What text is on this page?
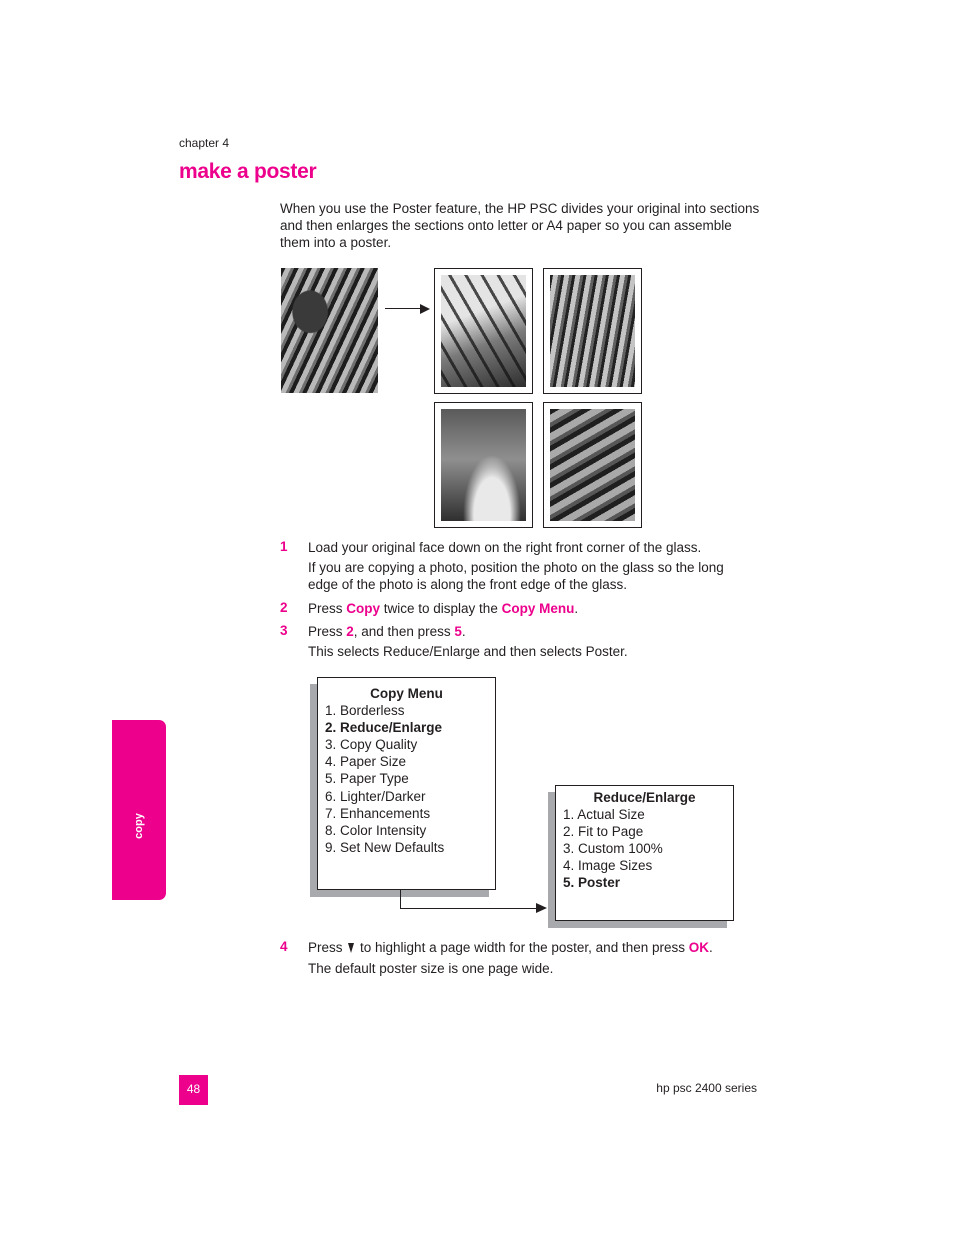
chapter 4
make a poster
When you use the Poster feature, the HP PSC divides your original into sections and then enlarges the sections onto letter or A4 paper so you can assemble them into a poster.
1 Load your original face down on the right front corner of the glass.
If you are copying a photo, position the photo on the glass so the long edge of the photo is along the front edge of the glass.
2 Press Copy twice to display the Copy Menu.
3 Press 2, and then press 5.
This selects Reduce/Enlarge and then selects Poster.
Copy Menu
1. Borderless
2. Reduce/Enlarge
3. Copy Quality
4. Paper Size
5. Paper Type
6. Lighter/Darker
7. Enhancements
8. Color Intensity
9. Set New Defaults
Reduce/Enlarge
1. Actual Size
2. Fit to Page
3. Custom 100%
4. Image Sizes
5. Poster
4 Press  to highlight a page width for the poster, and then press OK.
The default poster size is one page wide.
copy
48	hp psc 2400 series
